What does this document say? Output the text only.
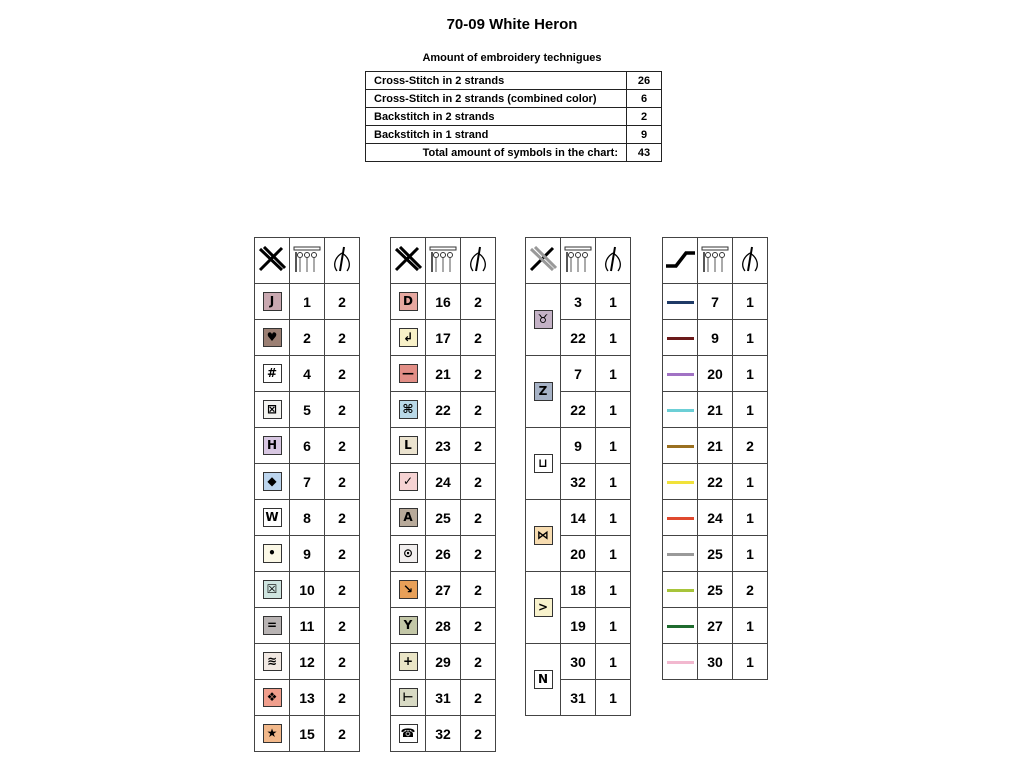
70-09 White Heron
Amount of embroidery technigues
Cross-Stitch in 2 strands	26
Cross-Stitch in 2 strands (combined color)	6
Backstitch in 2 strands	2
Backstitch in 1 strand	9
Total amount of symbols in the chart:	43

J	1	2
♥	2	2
#	4	2
⊠	5	2
H	6	2
◆	7	2
W	8	2
•	9	2
☒	10	2
=	11	2
≋	12	2
❖	13	2
★	15	2

D	16	2
↲	17	2
—	21	2
⌘	22	2
L	23	2
✓	24	2
A	25	2
⊙	26	2
↘	27	2
Y	28	2
+	29	2
⊢	31	2
☎	32	2

♉	3	1
	22	1
Z	7	1
	22	1
⊔	9	1
	32	1
⋈	14	1
	20	1
>	18	1
	19	1
N	30	1
	31	1

	7	1
	9	1
	20	1
	21	1
	21	2
	22	1
	24	1
	25	1
	25	2
	27	1
	30	1
